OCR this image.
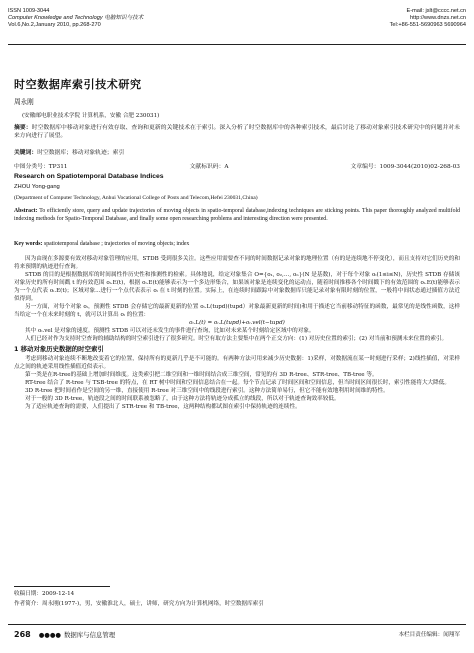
ISSN 1009-3044
Computer Knowledge and Technology 电脑知识与技术
Vol.6,No.2,January 2010, pp.268-270
E-mail: jslt@cccc.net.cn
http://www.dnzs.net.cn
Tel:+86-551-5690963 5690964
时空数据库索引技术研究
周永刚
(安徽邮电职业技术学院 计算机系，安徽 合肥 230031)
摘要：时空数据库中移动对象进行有效存取、查询和更新的关键技术在于索引。深入分析了时空数据库中的各种索引技术，最后讨论了移动对象索引技术研究中的问题并对未来方向进行了展望。
关键词：时空数据库；移动对象轨迹；索引
中图分类号：TP311	文献标识码：A	文章编号：1009-3044(2010)02-268-03
Research on Spatiotemporal Database Indices
ZHOU Yong-gang
(Department of Computer Technology, Anhui Vocational College of Posts and Telecom,Hefei 230031,China)
Abstract: To efficiently store, query and update trajectories of moving objects in spatio-temporal database,indexing techniques are sticking points. This paper thoroughly analyzed multifold indexing methods for Spatio-Temporal Database, and finally some open researching problems and interesting direction were presented.
Key words: spatiotemporal database ; trajectories of moving objects; index

因为由现在多源要有效对移动对象管理的应用，STDB 受到很多关注。这些应用需要查不同的时间数据记录对象的地理位置（有的是连续地不停变化），而且支持对它们历史的和将来预期的轨迹进行查询。

STDB 的目的是根据数据库的时间属性作历史性和推测性的检索。具体地说，给定对象集合 O={o₁, o₂,…, oₙ}(N 是基数)，对于每个对象 oᵢ(1≤i≤N)，历史性 STDB 存储该对象历史的所有时间戳 t 的有效范围 oᵢ.E(t)，根据 oᵢ.E(t)能够表示为一个多边形集合，如果该对象是连续变化的运动点，随着时间推移各个时间戳下的有效范围的 oᵢ.E(t)能够表示为一个点代表 oᵢ.E(t)；区域对象...进行一个点代表表示 oᵢ 在 t 时刻的位置。实际上，在连续时间跟踪中对象数据库只能记录对象有限时刻的位置，一般将中间状态通过插值方法近似得到。

另一方面，对每个对象 oᵢ，预测性 STDB 会存储它的最新更新的位置 oᵢ.L(tupd)(tupd）对象最新更新的时间)和用于描述它当前移动特征的函数，最常见的是线性函数，这样当给定一个在未来时刻的 t，就可以计算出 oᵢ 的位置：

oᵢ.L(t) = oᵢ.L(tupd)+oᵢ.vel(t−tupd)

其中 oᵢ.vel 是对象的速度。预测性 STDB 可以对还未发生的事件进行查询，比如对未来某个时刻给定区域中的对象。

人们已经对作为支持时空查询的辅助结构的时空索引进行了很多研究。时空有取方法主要集中在两个正交方向：(1) 对历史位置的索引；(2) 对当前和预测未来位置的索引。

1 移动对象历史数据的时空索引

考虑到移动对象连续不断地改变着它的位置，保持所有的更新几乎是不可能的。有两种方法可用来减少历史数据：1)采样，对数据流在某一时刻进行采样；2)线性插值，对采样点之间的轨迹采用线性插值近似表示。

第一类是在R-tree的基础上增加时间维度。这类索引把二维空间和一维时间结合成三维空间，常见的有 3D R-tree、STR-tree、TB-tree 等。

RT-tree 结合了 R-tree 与 TSB-tree 的特点，在 RT 树中时间和空间信息结合在一起。每个节点记录了时间区间和空间信息，但当时间区间很长时，索引性能将大大降低。

3D R-tree 把时间看作是空间的另一维，直接使用 R-tree 对三维空间中的线段进行索引。这种方法简单易行，但它不能有效地利用时间维的特性。

对于一般的 3D R-tree，轨迹段之间的时间联系被忽略了，由于这种方法将轨迹分成孤立的线段，所以对于轨迹查询效率较低。

为了适应轨迹查询的需要，人们提出了 STR-tree 和 TB-tree，这两种结构都试图在索引中保持轨迹的连续性。

收稿日期：2009-12-14
作者简介：周永刚(1977-)，男，安徽淮北人，硕士，讲师，研究方向为计算机网络，时空数据库索引
268 ●●●● 数据库与信息管理	本栏目责任编辑：闻翔军
